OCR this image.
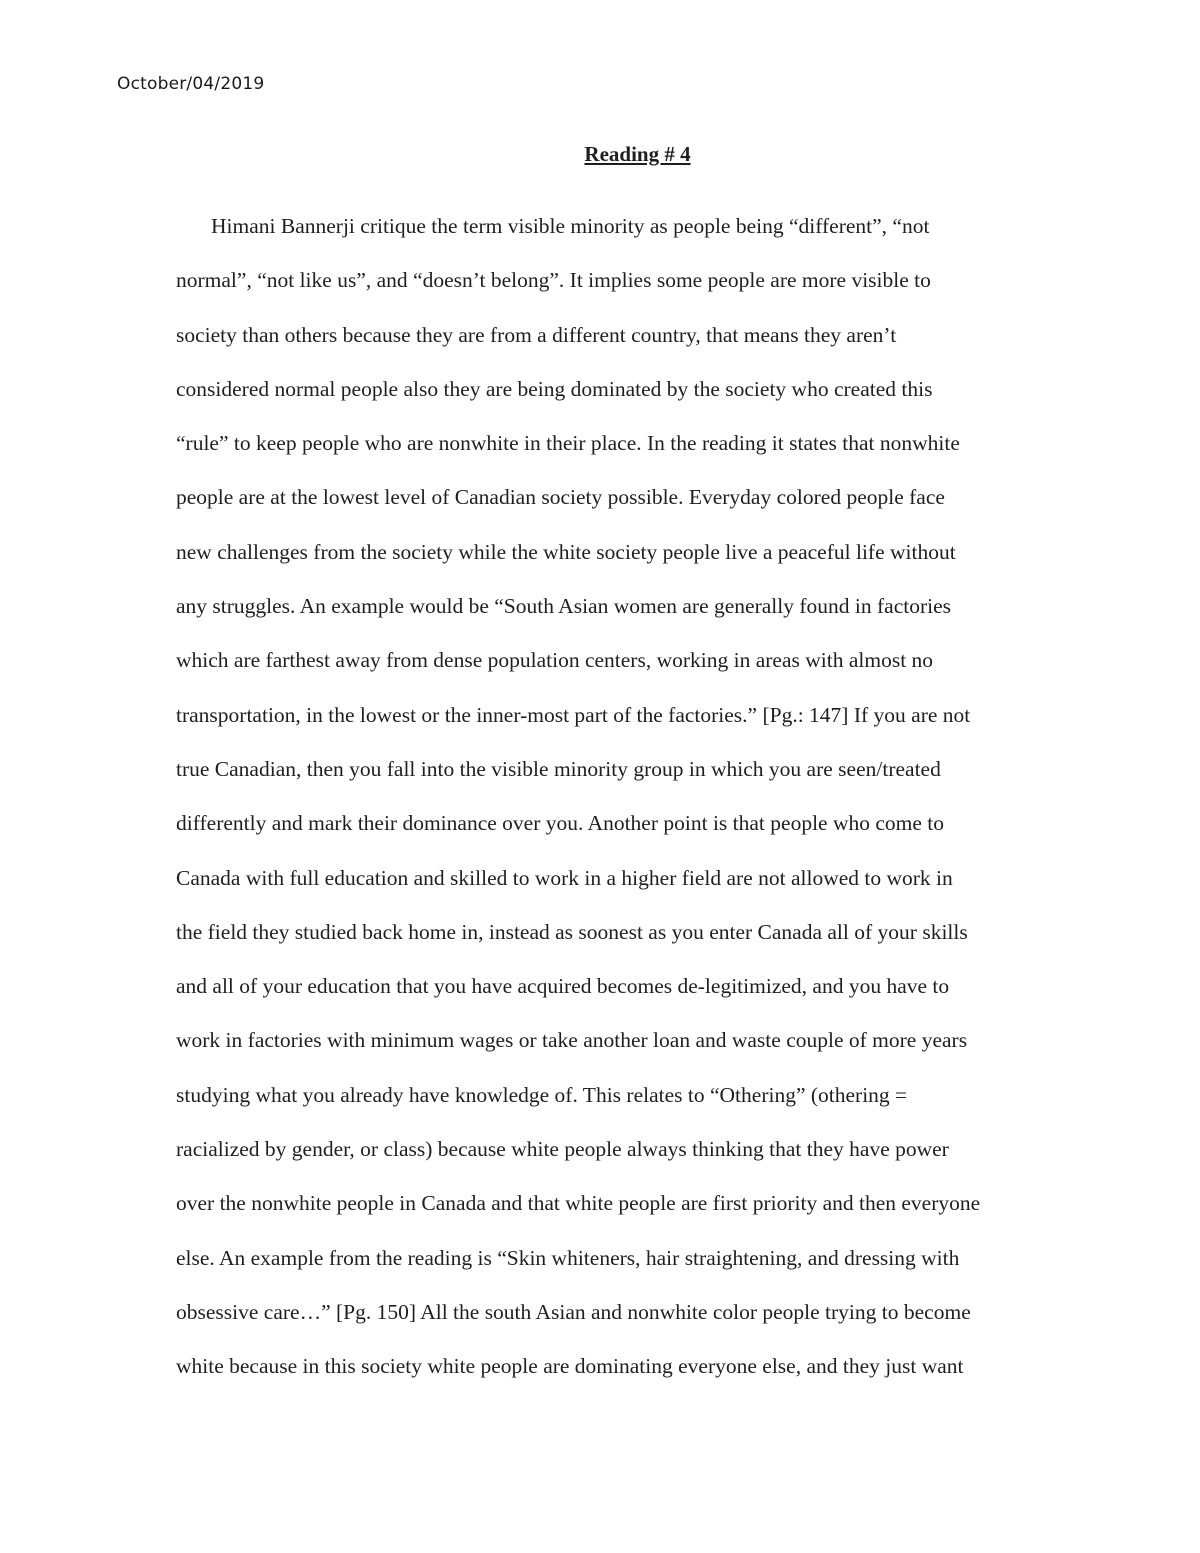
October/04/2019
Reading # 4
Himani Bannerji critique the term visible minority as people being “different”, “not
normal”, “not like us”, and “doesn’t belong”. It implies some people are more visible to
society than others because they are from a different country, that means they aren’t
considered normal people also they are being dominated by the society who created this
“rule” to keep people who are nonwhite in their place. In the reading it states that nonwhite
people are at the lowest level of Canadian society possible. Everyday colored people face
new challenges from the society while the white society people live a peaceful life without
any struggles. An example would be “South Asian women are generally found in factories
which are farthest away from dense population centers, working in areas with almost no
transportation, in the lowest or the inner-most part of the factories.” [Pg.: 147] If you are not
true Canadian, then you fall into the visible minority group in which you are seen/treated
differently and mark their dominance over you. Another point is that people who come to
Canada with full education and skilled to work in a higher field are not allowed to work in
the field they studied back home in, instead as soonest as you enter Canada all of your skills
and all of your education that you have acquired becomes de-legitimized, and you have to
work in factories with minimum wages or take another loan and waste couple of more years
studying what you already have knowledge of. This relates to “Othering” (othering =
racialized by gender, or class) because white people always thinking that they have power
over the nonwhite people in Canada and that white people are first priority and then everyone
else. An example from the reading is “Skin whiteners, hair straightening, and dressing with
obsessive care…” [Pg. 150] All the south Asian and nonwhite color people trying to become
white because in this society white people are dominating everyone else, and they just want
